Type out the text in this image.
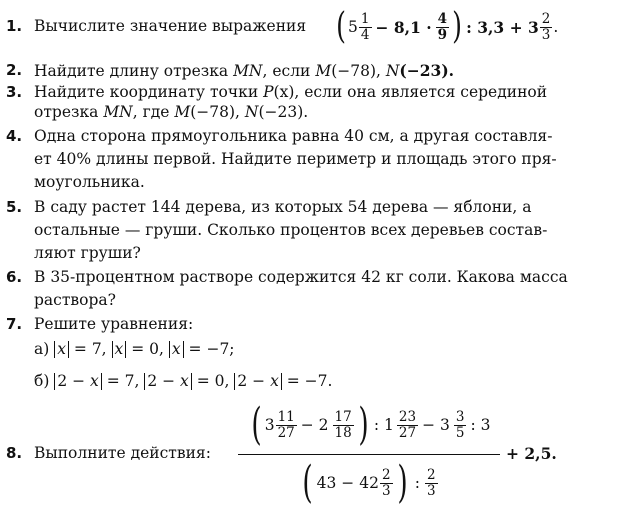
1. Вычислите значение выражения ( 5 1
4 − 8,1 · 4
9 ) : 3,3 + 3 2
3 .
2. Найдите длину отрезка MN, если M(−78), N(−23).
3. Найдите координату точки P(x), если она является серединой
отрезка MN, где M(−78), N(−23).
4. Одна сторона прямоугольника равна 40 см, а другая составля-
ет 40% длины первой. Найдите периметр и площадь этого пря-
моугольника.
5. В саду растет 144 дерева, из которых 54 дерева — яблони, а
остальные — груши. Сколько процентов всех деревьев состав-
ляют груши?
6. В 35-процентном растворе содержится 42 кг соли. Какова масса
раствора?
7. Решите уравнения:
а) x = 7, x = 0, x = −7;
б) 2 − x = 7, 2 − x = 0, 2 − x = −7.
8. Выполните действия:
( 3 11
27 − 2 17
18 ) : 1 23
27 − 3 3
5 : 3
( 43 − 42 2
3 ) : 2
3
+ 2,5.
